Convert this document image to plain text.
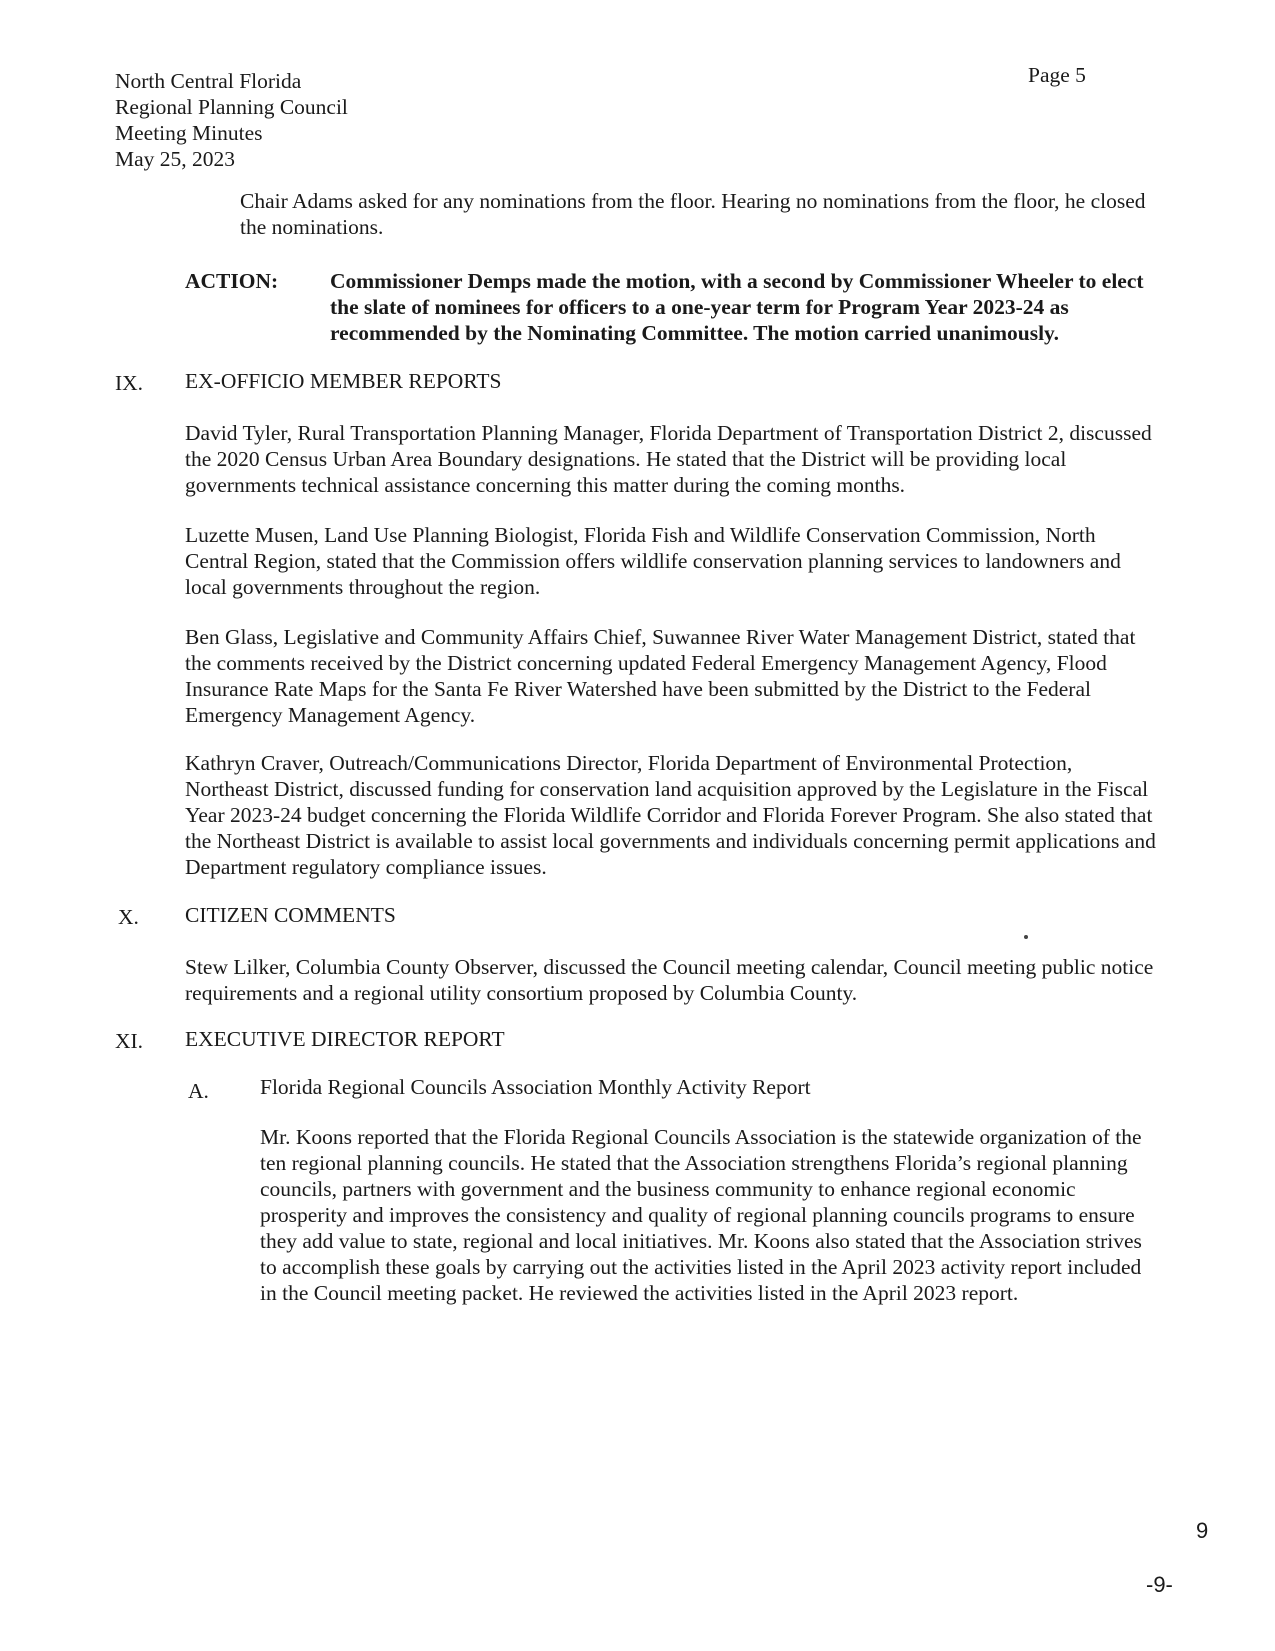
North Central Florida
Regional Planning Council
Meeting Minutes
May 25, 2023
Page 5
Chair Adams asked for any nominations from the floor. Hearing no nominations from the floor, he closed the nominations.
ACTION: Commissioner Demps made the motion, with a second by Commissioner Wheeler to elect the slate of nominees for officers to a one-year term for Program Year 2023-24 as recommended by the Nominating Committee. The motion carried unanimously.
IX.	EX-OFFICIO MEMBER REPORTS
David Tyler, Rural Transportation Planning Manager, Florida Department of Transportation District 2, discussed the 2020 Census Urban Area Boundary designations. He stated that the District will be providing local governments technical assistance concerning this matter during the coming months.
Luzette Musen, Land Use Planning Biologist, Florida Fish and Wildlife Conservation Commission, North Central Region, stated that the Commission offers wildlife conservation planning services to landowners and local governments throughout the region.
Ben Glass, Legislative and Community Affairs Chief, Suwannee River Water Management District, stated that the comments received by the District concerning updated Federal Emergency Management Agency, Flood Insurance Rate Maps for the Santa Fe River Watershed have been submitted by the District to the Federal Emergency Management Agency.
Kathryn Craver, Outreach/Communications Director, Florida Department of Environmental Protection, Northeast District, discussed funding for conservation land acquisition approved by the Legislature in the Fiscal Year 2023-24 budget concerning the Florida Wildlife Corridor and Florida Forever Program. She also stated that the Northeast District is available to assist local governments and individuals concerning permit applications and Department regulatory compliance issues.
X.	CITIZEN COMMENTS
Stew Lilker, Columbia County Observer, discussed the Council meeting calendar, Council meeting public notice requirements and a regional utility consortium proposed by Columbia County.
XI.	EXECUTIVE DIRECTOR REPORT
A. Florida Regional Councils Association Monthly Activity Report
Mr. Koons reported that the Florida Regional Councils Association is the statewide organization of the ten regional planning councils. He stated that the Association strengthens Florida’s regional planning councils, partners with government and the business community to enhance regional economic prosperity and improves the consistency and quality of regional planning councils programs to ensure they add value to state, regional and local initiatives. Mr. Koons also stated that the Association strives to accomplish these goals by carrying out the activities listed in the April 2023 activity report included in the Council meeting packet. He reviewed the activities listed in the April 2023 report.
9
-9-
